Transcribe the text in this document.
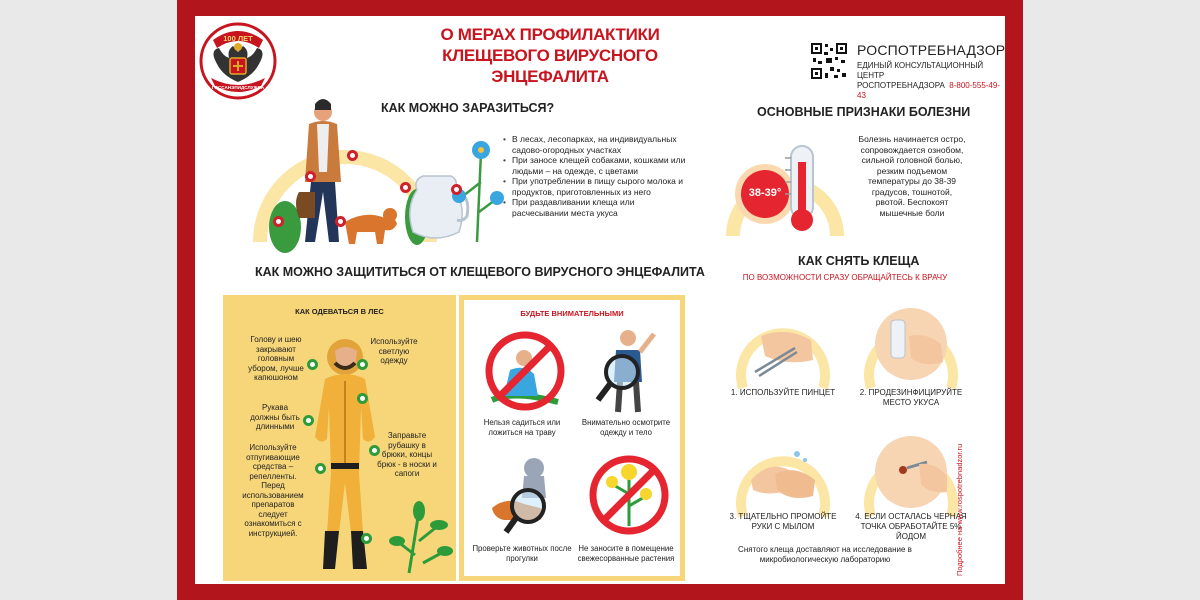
100 ЛЕТ
ГОССАНЭПИДСЛУЖБА
О МЕРАХ ПРОФИЛАКТИКИ
КЛЕЩЕВОГО ВИРУСНОГО ЭНЦЕФАЛИТА
РОСПОТРЕБНАДЗОР
ЕДИНЫЙ КОНСУЛЬТАЦИОННЫЙ ЦЕНТР
РОСПОТРЕБНАДЗОРА 8-800-555-49-43
КАК МОЖНО ЗАРАЗИТЬСЯ?
• В лесах, лесопарках, на индивидуальных садово-огородных участках
• При заносе клещей собаками, кошками или людьми – на одежде, с цветами
• При употреблении в пищу сырого молока и продуктов, приготовленных из него
• При раздавливании клеща или расчесывании места укуса
ОСНОВНЫЕ ПРИЗНАКИ БОЛЕЗНИ
38-39°
Болезнь начинается остро, сопровождается ознобом, сильной головной болью, резким подъемом температуры до 38-39 градусов, тошнотой, рвотой. Беспокоят мышечные боли
КАК МОЖНО ЗАЩИТИТЬСЯ ОТ КЛЕЩЕВОГО ВИРУСНОГО ЭНЦЕФАЛИТА
КАК ОДЕВАТЬСЯ В ЛЕС
Голову и шею закрывают головным убором, лучше капюшоном
Используйте светлую одежду
Рукава должны быть длинными
Заправьте рубашку в брюки, концы брюк - в носки и сапоги
Используйте отпугивающие средства – репелленты. Перед использованием препаратов следует ознакомиться с инструкцией.
БУДЬТЕ ВНИМАТЕЛЬНЫМИ
Нельзя садиться или ложиться на траву
Внимательно осмотрите одежду и тело
Проверьте животных после прогулки
Не заносите в помещение свежесорванные растения
КАК СНЯТЬ КЛЕЩА
ПО ВОЗМОЖНОСТИ СРАЗУ ОБРАЩАЙТЕСЬ К ВРАЧУ
1. ИСПОЛЬЗУЙТЕ ПИНЦЕТ	2. ПРОДЕЗИНФИЦИРУЙТЕ МЕСТО УКУСА
3. ТЩАТЕЛЬНО ПРОМОЙТЕ РУКИ С МЫЛОМ
4. ЕСЛИ ОСТАЛАСЬ ЧЕРНАЯ ТОЧКА ОБРАБОТАЙТЕ 5% ЙОДОМ
Снятого клеща доставляют на исследование в микробиологическую лабораторию	Подробнее на www.rospotrebnadzor.ru
